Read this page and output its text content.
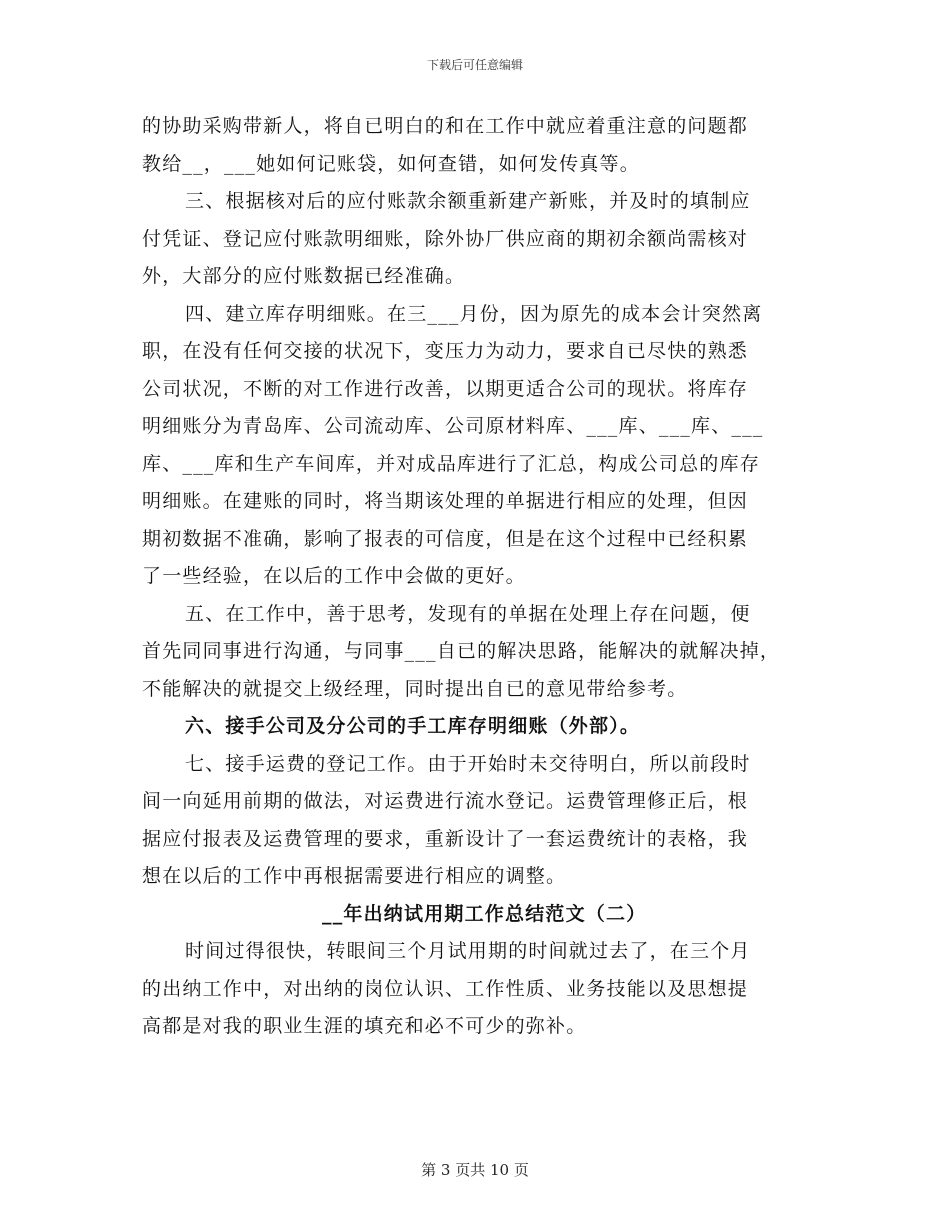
下载后可任意编辑
的协助采购带新人，将自已明白的和在工作中就应着重注意的问题都
教给__，___她如何记账袋，如何查错，如何发传真等。
三、根据核对后的应付账款余额重新建产新账，并及时的填制应
付凭证、登记应付账款明细账，除外协厂供应商的期初余额尚需核对
外，大部分的应付账数据已经准确。
四、建立库存明细账。在三___月份，因为原先的成本会计突然离
职，在没有任何交接的状况下，变压力为动力，要求自已尽快的熟悉
公司状况，不断的对工作进行改善，以期更适合公司的现状。将库存
明细账分为青岛库、公司流动库、公司原材料库、___库、___库、___
库、___库和生产车间库，并对成品库进行了汇总，构成公司总的库存
明细账。在建账的同时，将当期该处理的单据进行相应的处理，但因
期初数据不准确，影响了报表的可信度，但是在这个过程中已经积累
了一些经验，在以后的工作中会做的更好。
五、在工作中，善于思考，发现有的单据在处理上存在问题，便
首先同同事进行沟通，与同事___自已的解决思路，能解决的就解决掉，
不能解决的就提交上级经理，同时提出自已的意见带给参考。
六、接手公司及分公司的手工库存明细账（外部）。
七、接手运费的登记工作。由于开始时未交待明白，所以前段时
间一向延用前期的做法，对运费进行流水登记。运费管理修正后，根
据应付报表及运费管理的要求，重新设计了一套运费统计的表格，我
想在以后的工作中再根据需要进行相应的调整。
__年出纳试用期工作总结范文（二）
时间过得很快，转眼间三个月试用期的时间就过去了，在三个月
的出纳工作中，对出纳的岗位认识、工作性质、业务技能以及思想提
高都是对我的职业生涯的填充和必不可少的弥补。
第 3 页共 10 页
